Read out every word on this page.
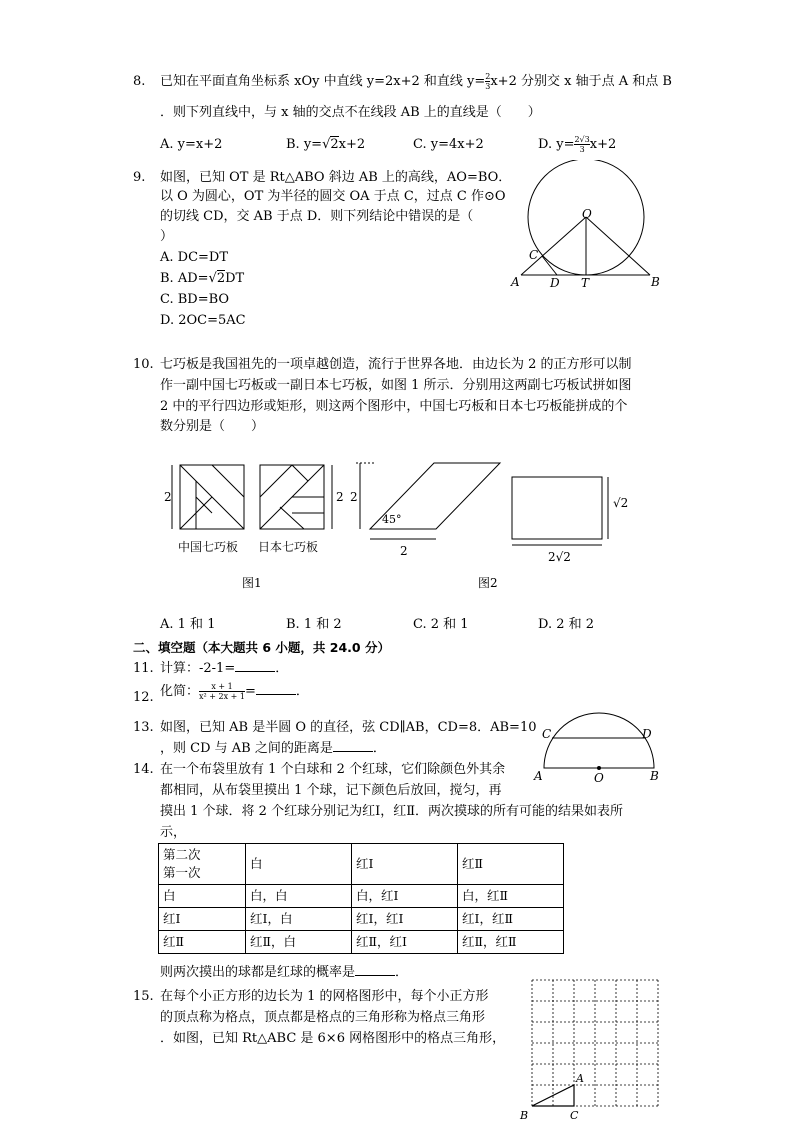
8. 已知在平面直角坐标系 xOy 中直线 y=2x+2 和直线 $y= \frac{2}{3} x+2$ 分别交 x 轴于点 A 和点 B
．则下列直线中，与 x 轴的交点不在线段 AB 上的直线是（　　）
A. y=x+2	B. y=√2x+2	C. y=4x+2	D. $y= \frac{2√3}{3} x+2$
9. 如图，已知 OT 是 Rt△ABO 斜边 AB 上的高线，AO=BO．
以 O 为圆心，OT 为半径的圆交 OA 于点 C，过点 C 作⊙O
的切线 CD，交 AB 于点 D．则下列结论中错误的是（
）
A. DC=DT
B. AD=√2DT
C. BD=BO
D. 2OC=5AC
O
C
A	D T	B
10. 七巧板是我国祖先的一项卓越创造，流行于世界各地．由边长为 2 的正方形可以制
作一副中国七巧板或一副日本七巧板，如图 1 所示．分别用这两副七巧板试拼如图
2 中的平行四边形或矩形，则这两个图形中，中国七巧板和日本七巧板能拼成的个
数分别是（　　）
2	2
中国七巧板 日本七巧板
2
45°
2
√2
2√2
图1	图2
A. 1 和 1	B. 1 和 2	C. 2 和 1	D. 2 和 2
二、填空题（本大题共 6 小题，共 24.0 分）
11. 计算：-2-1=	．
12. 化简： $\frac{x + 1}{\text{x² + 2x + 1}}$ =	．
13. 如图，已知 AB 是半圆 O 的直径，弦 CD∥AB，CD=8．AB=10
，则 CD 与 AB 之间的距离是	．
C	D
A	O	B
14. 在一个布袋里放有 1 个白球和 2 个红球，它们除颜色外其余
都相同，从布袋里摸出 1 个球，记下颜色后放回，搅匀，再
摸出 1 个球．将 2 个红球分别记为红Ⅰ，红Ⅱ．两次摸球的所有可能的结果如表所
示，
第二次
第一次	白	红Ⅰ	红Ⅱ
白	白，白	白，红Ⅰ	白，红Ⅱ
红Ⅰ	红Ⅰ，白	红Ⅰ，红Ⅰ	红Ⅰ，红Ⅱ
红Ⅱ	红Ⅱ，白	红Ⅱ，红Ⅰ	红Ⅱ，红Ⅱ
则两次摸出的球都是红球的概率是	．
15. 在每个小正方形的边长为 1 的网格图形中，每个小正方形
的顶点称为格点，顶点都是格点的三角形称为格点三角形
．如图，已知 Rt△ABC 是 6×6 网格图形中的格点三角形，
A
B	C
